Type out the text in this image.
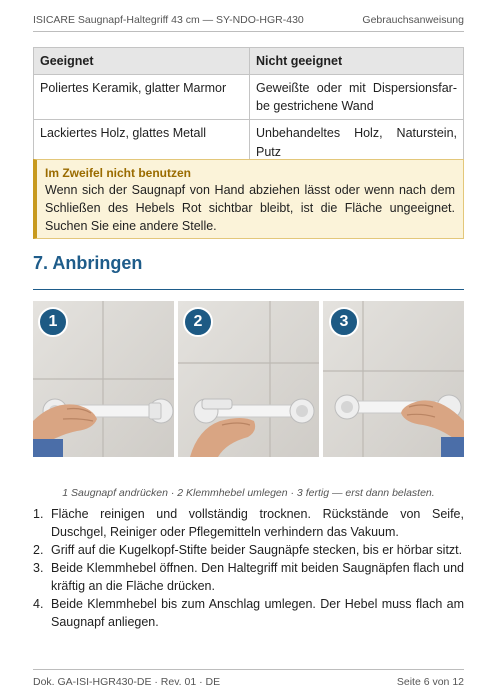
ISICARE Saugnapf-Haltegriff 43 cm — SY-NDO-HGR-430	Gebrauchsanweisung
Geeignet	Nicht geeignet
Poliertes Keramik, glatter Marmor	Geweißte oder mit Dispersionsfar-be gestrichene Wand
Lackiertes Holz, glattes Metall	Unbehandeltes Holz, Naturstein, Putz
Im Zweifel nicht benutzen
Wenn sich der Saugnapf von Hand abziehen lässt oder wenn nach dem Schließen des Hebels Rot sichtbar bleibt, ist die Fläche ungeeignet. Suchen Sie eine andere Stelle.
7. Anbringen
1	2	3
1 Saugnapf andrücken · 2 Klemmhebel umlegen · 3 fertig — erst dann belasten.
1. Fläche reinigen und vollständig trocknen. Rückstände von Seife, Duschgel, Reiniger oder Pflegemitteln verhindern das Vakuum.
2. Griff auf die Kugelkopf-Stifte beider Saugnäpfe stecken, bis er hörbar sitzt.
3. Beide Klemmhebel öffnen. Den Haltegriff mit beiden Saugnäpfen flach und kräftig an die Fläche drücken.
4. Beide Klemmhebel bis zum Anschlag umlegen. Der Hebel muss flach am Saugnapf anliegen.
Dok. GA-ISI-HGR430-DE · Rev. 01 · DE	Seite 6 von 12
